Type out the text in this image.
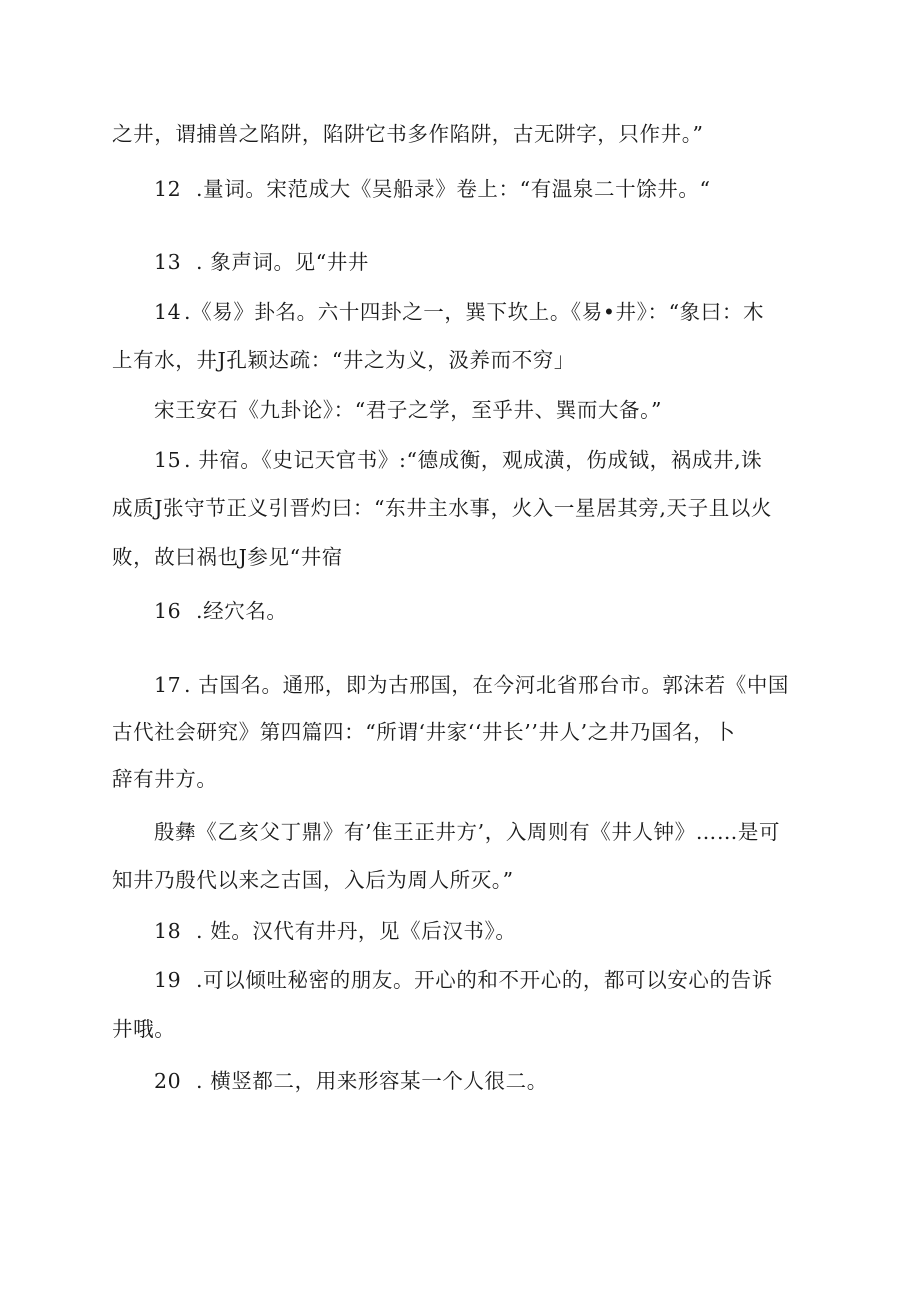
之井，谓捕兽之陷阱，陷阱它书多作陷阱，古无阱字，只作井。”
12 .量词。宋范成大《吴船录》卷上：“有温泉二十馀井。“
13 . 象声词。见“井井
14 .《易》卦名。六十四卦之一，巽下坎上。《易•井》：“象曰：木
上有水，井J孔颖达疏：“井之为义，汲养而不穷」
宋王安石《九卦论》：“君子之学，至乎井、巽而大备。”
15 . 井宿。《史记天官书》:“德成衡，观成潢，伤成钺，祸成井,诛
成质J张守节正义引晋灼曰：“东井主水事，火入一星居其旁,天子且以火
败，故曰祸也J参见“井宿
16 .经穴名。
17 . 古国名。通邢，即为古邢国，在今河北省邢台市。郭沫若《中国
古代社会研究》第四篇四：“所谓‘井家‘‘井长’’井人’之井乃国名，卜
辞有井方。
殷彝《乙亥父丁鼎》有’隹王正井方’，入周则有《井人钟》……是可
知井乃殷代以来之古国，入后为周人所灭。”
18 . 姓。汉代有井丹，见《后汉书》。
19 .可以倾吐秘密的朋友。开心的和不开心的，都可以安心的告诉
井哦。
20 . 横竖都二，用来形容某一个人很二。
